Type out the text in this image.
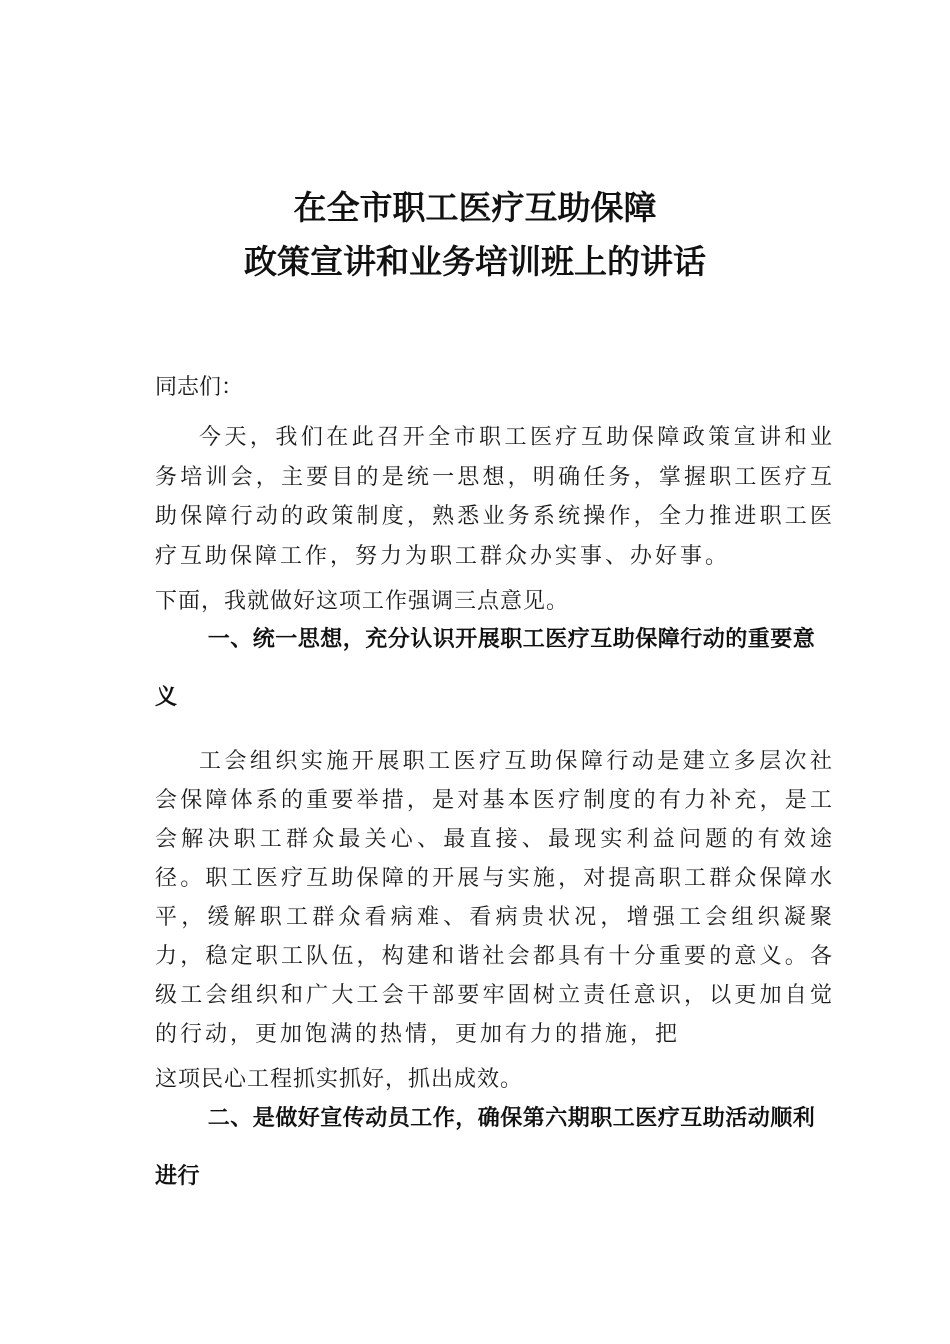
在全市职工医疗互助保障
政策宣讲和业务培训班上的讲话
同志们：
今天，我们在此召开全市职工医疗互助保障政策宣讲和业务培训会，主要目的是统一思想，明确任务，掌握职工医疗互助保障行动的政策制度，熟悉业务系统操作，全力推进职工医疗互助保障工作，努力为职工群众办实事、办好事。
下面，我就做好这项工作强调三点意见。

一、统一思想，充分认识开展职工医疗互助保障行动的重要意义

工会组织实施开展职工医疗互助保障行动是建立多层次社会保障体系的重要举措，是对基本医疗制度的有力补充，是工会解决职工群众最关心、最直接、最现实利益问题的有效途径。职工医疗互助保障的开展与实施，对提高职工群众保障水平，缓解职工群众看病难、看病贵状况，增强工会组织凝聚力，稳定职工队伍，构建和谐社会都具有十分重要的意义。各级工会组织和广大工会干部要牢固树立责任意识，以更加自觉的行动，更加饱满的热情，更加有力的措施，把
这项民心工程抓实抓好，抓出成效。

二、是做好宣传动员工作，确保第六期职工医疗互助活动顺利进行
